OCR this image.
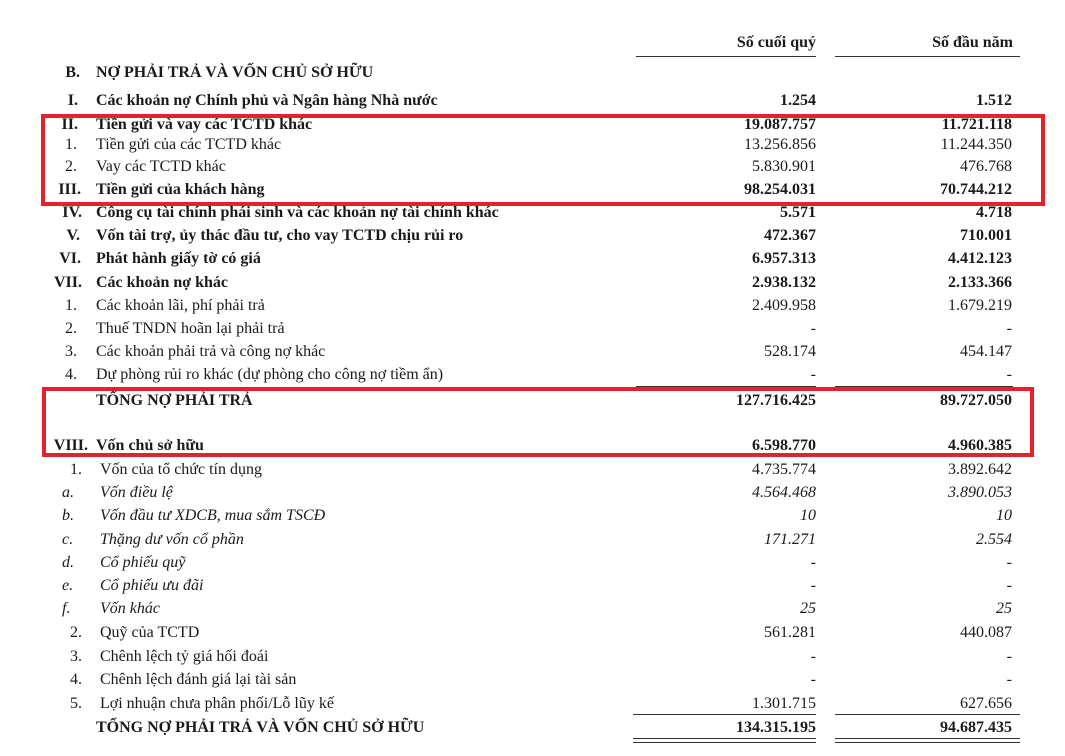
Số cuối quý	Số đầu năm
B. NỢ PHẢI TRẢ VÀ VỐN CHỦ SỞ HỮU
I. Các khoản nợ Chính phủ và Ngân hàng Nhà nước	1.254	1.512
II. Tiền gửi và vay các TCTD khác	19.087.757	11.721.118
1. Tiền gửi của các TCTD khác	13.256.856	11.244.350
2. Vay các TCTD khác	5.830.901	476.768
III. Tiền gửi của khách hàng	98.254.031	70.744.212
IV. Công cụ tài chính phái sinh và các khoản nợ tài chính khác	5.571	4.718
V. Vốn tài trợ, ủy thác đầu tư, cho vay TCTD chịu rủi ro	472.367	710.001
VI. Phát hành giấy tờ có giá	6.957.313	4.412.123
VII. Các khoản nợ khác	2.938.132	2.133.366
1. Các khoản lãi, phí phải trả	2.409.958	1.679.219
2. Thuế TNDN hoãn lại phải trả	-	-
3. Các khoản phải trả và công nợ khác	528.174	454.147
4. Dự phòng rủi ro khác (dự phòng cho công nợ tiềm ẩn)	-	-
TỔNG NỢ PHẢI TRẢ	127.716.425	89.727.050
VIII. Vốn chủ sở hữu	6.598.770	4.960.385
1. Vốn của tổ chức tín dụng	4.735.774	3.892.642
a. Vốn điều lệ	4.564.468	3.890.053
b. Vốn đầu tư XDCB, mua sắm TSCĐ	10	10
c. Thặng dư vốn cổ phần	171.271	2.554
d. Cổ phiếu quỹ	-	-
e. Cổ phiếu ưu đãi	-	-
f. Vốn khác	25	25
2. Quỹ của TCTD	561.281	440.087
3. Chênh lệch tỷ giá hối đoái	-	-
4. Chênh lệch đánh giá lại tài sản	-	-
5. Lợi nhuận chưa phân phối/Lỗ lũy kế	1.301.715	627.656
TỔNG NỢ PHẢI TRẢ VÀ VỐN CHỦ SỞ HỮU	134.315.195	94.687.435
